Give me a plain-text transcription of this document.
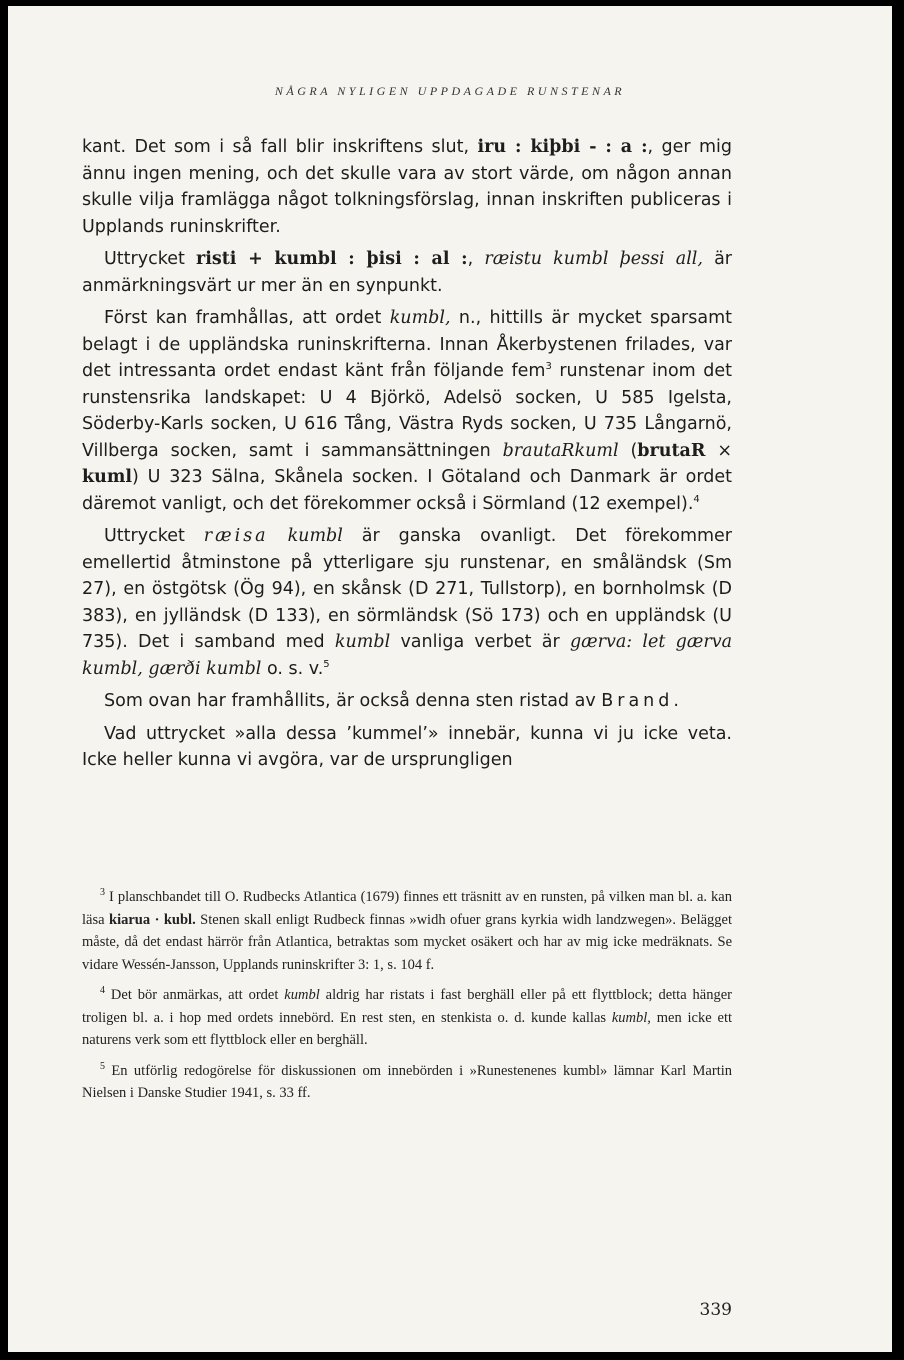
NÅGRA NYLIGEN UPPDAGADE RUNSTENAR

kant. Det som i så fall blir inskriftens slut, iru : kiþbi - : a :, ger mig ännu ingen mening, och det skulle vara av stort värde, om någon annan skulle vilja framlägga något tolkningsförslag, innan inskriften publiceras i Upplands runinskrifter.

Uttrycket risti + kumbl : þisi : al :, ræistu kumbl þessi all, är anmärkningsvärt ur mer än en synpunkt.

Först kan framhållas, att ordet kumbl, n., hittills är mycket sparsamt belagt i de uppländska runinskrifterna. Innan Åkerbystenen frilades, var det intressanta ordet endast känt från följande fem$^3$ runstenar inom det runstensrika landskapet: U 4 Björkö, Adelsö socken, U 585 Igelsta, Söderby-Karls socken, U 616 Tång, Västra Ryds socken, U 735 Långarnö, Villberga socken, samt i sammansättningen brautaRkuml (brutaR × kuml) U 323 Sälna, Skånela socken. I Götaland och Danmark är ordet däremot vanligt, och det förekommer också i Sörmland (12 exempel).$^4$

Uttrycket ræisa kumbl är ganska ovanligt. Det förekommer emellertid åtminstone på ytterligare sju runstenar, en småländsk (Sm 27), en östgötsk (Ög 94), en skånsk (D 271, Tullstorp), en bornholmsk (D 383), en jylländsk (D 133), en sörmländsk (Sö 173) och en uppländsk (U 735). Det i samband med kumbl vanliga verbet är gærva: let gærva kumbl, gærði kumbl o. s. v.$^5$

Som ovan har framhållits, är också denna sten ristad av Brand.

Vad uttrycket »alla dessa ’kummel’» innebär, kunna vi ju icke veta. Icke heller kunna vi avgöra, var de ursprungligen

$^3$ I planschbandet till O. Rudbecks Atlantica (1679) finnes ett träsnitt av en runsten, på vilken man bl. a. kan läsa kiarua · kubl. Stenen skall enligt Rudbeck finnas »widh ofuer grans kyrkia widh landzwegen». Belägget måste, då det endast härrör från Atlantica, betraktas som mycket osäkert och har av mig icke medräknats. Se vidare Wessén-Jansson, Upplands runinskrifter 3: 1, s. 104 f.

$^4$ Det bör anmärkas, att ordet kumbl aldrig har ristats i fast berghäll eller på ett flyttblock; detta hänger troligen bl. a. i hop med ordets innebörd. En rest sten, en stenkista o. d. kunde kallas kumbl, men icke ett naturens verk som ett flyttblock eller en berghäll.

$^5$ En utförlig redogörelse för diskussionen om innebörden i »Runestenenes kumbl» lämnar Karl Martin Nielsen i Danske Studier 1941, s. 33 ff.

339
